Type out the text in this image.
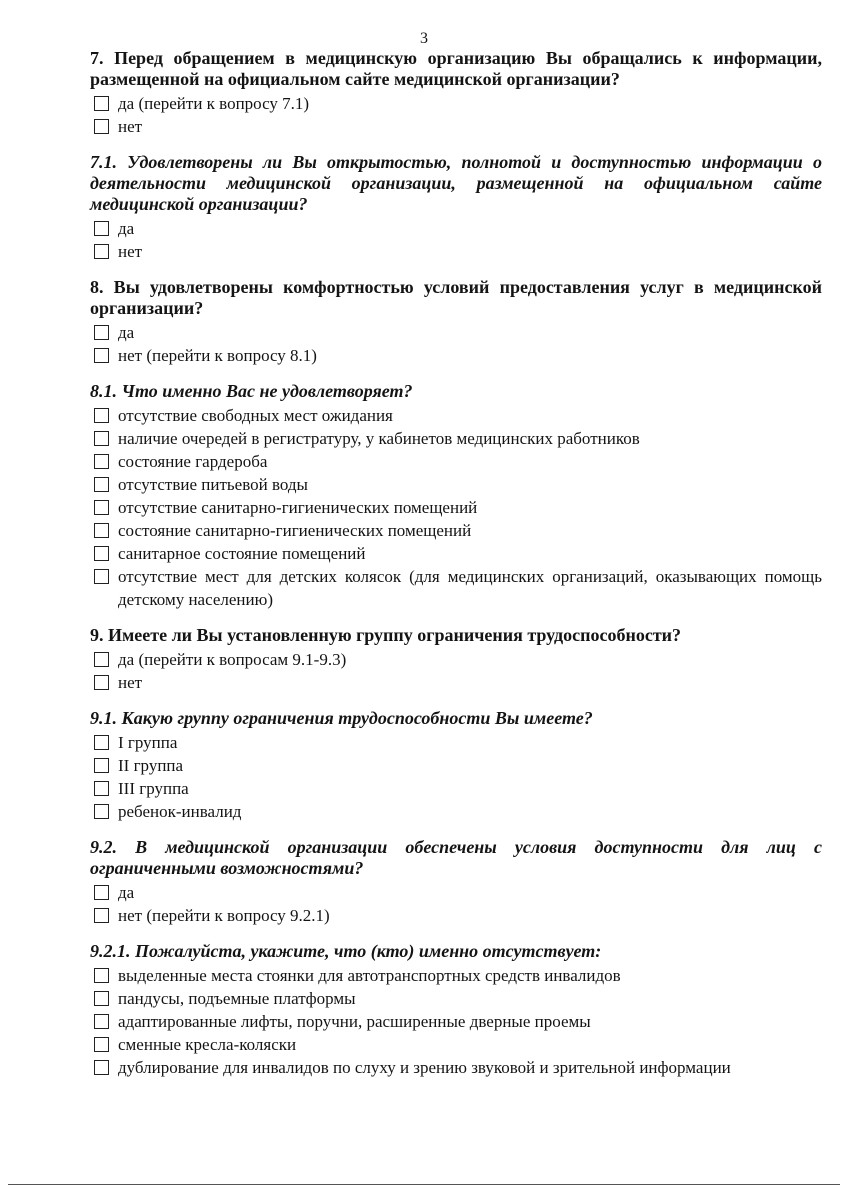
3
7. Перед обращением в медицинскую организацию Вы обращались к информации, размещенной на официальном сайте медицинской организации?
да (перейти к вопросу 7.1)
нет
7.1. Удовлетворены ли Вы открытостью, полнотой и доступностью информации о деятельности медицинской организации, размещенной на официальном сайте медицинской организации?
да
нет
8. Вы удовлетворены комфортностью условий предоставления услуг в медицинской организации?
да
нет (перейти к вопросу 8.1)
8.1. Что именно Вас не удовлетворяет?
отсутствие свободных мест ожидания
наличие очередей в регистратуру, у кабинетов медицинских работников
состояние гардероба
отсутствие питьевой воды
отсутствие санитарно-гигиенических помещений
состояние санитарно-гигиенических помещений
санитарное состояние помещений
отсутствие мест для детских колясок (для медицинских организаций, оказывающих помощь детскому населению)
9. Имеете ли Вы установленную группу ограничения трудоспособности?
да (перейти к вопросам 9.1-9.3)
нет
9.1. Какую группу ограничения трудоспособности Вы имеете?
I группа
II группа
III группа
ребенок-инвалид
9.2. В медицинской организации обеспечены условия доступности для лиц с ограниченными возможностями?
да
нет (перейти к вопросу 9.2.1)
9.2.1. Пожалуйста, укажите, что (кто) именно отсутствует:
выделенные места стоянки для автотранспортных средств инвалидов
пандусы, подъемные платформы
адаптированные лифты, поручни, расширенные дверные проемы
сменные кресла-коляски
дублирование для инвалидов по слуху и зрению звуковой и зрительной информации
